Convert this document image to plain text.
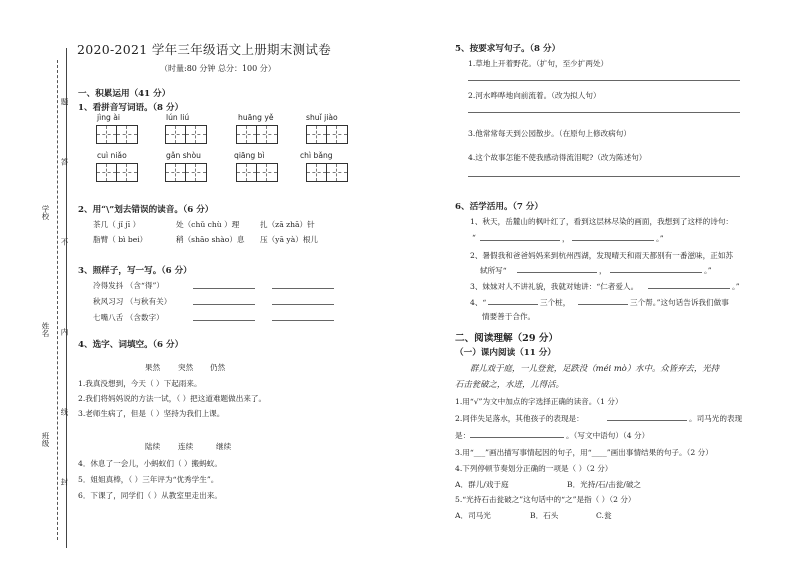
学校
姓名
班级
题
答
不
内
线
封
2020-2021 学年三年级语文上册期末测试卷
（时量:80 分钟 总分：100 分）
一、积累运用（41 分）
1、看拼音写词语。（8 分）
jìng ài	lún liú	huāng yě	shuǐ jiào
cuì niǎo	gǎn shòu	qiāng bì	chì bǎng
2、用“\”划去错误的读音。（6 分）
茶几（ jǐ jī ）	处（chǔ chù ）理	扎（zā zhā）针
脂臂（ bì bei）	稍（shāo shào）息 压（yā yà）根儿
3、照样子，写一写。（6 分）
冷得发抖 （含“得”）
秋风习习 （与秋有关）
七嘴八舌 （含数字）
4、选字、词填空。（6 分）
果然 突然 仍然
1.我真没想到，今天（ ）下起雨来。
2.我们将妈妈说的方法一试，（ ）把这道难题做出来了。
3.老师生病了，但是（ ）坚持为我们上课。
陆续 连续	继续
4．休息了一会儿，小蚂蚁们（ ）搬蚂蚁。
5．姐姐真棒，（ ）三年评为“优秀学生”。
6．下课了，同学们（ ）从教室里走出来。
5、按要求写句子。（8 分）
1.草地上开着野花。（扩句，至少扩两处）
2.河水哗哗地向前流着。（改为拟人句）
3.他常常每天到公园散步。（在原句上修改病句）
4.这个故事怎能不使我感动得流泪呢?（改为陈述句）
6、活学活用。（7 分）
1、秋天，岳麓山的枫叶红了，看到这层林尽染的画面，我想到了这样的诗句：
“	，	。”
2、暑假我和爸爸妈妈来到杭州西湖，发现晴天和雨天都别有一番滋味，正如苏
轼所写“	，	。”
3、妹妹对人不讲礼貌，我就对她讲：“仁者爱人。	。”
4、“	三个桩，	三个帮。”这句话告诉我们做事
情要善于合作。
二、阅读理解（29 分）
（一）课内阅读（11 分）
群儿戏于庭，一儿登瓮，足跌没（méi mò）水中。众皆弃去，光持
石击瓮破之，水迸，儿得活。
1.用“√”为文中加点的字选择正确的读音。（1 分）
2.同伴失足落水，其他孩子的表现是：	。司马光的表现
是：	。（写文中语句）（4 分）
3.用“___”画出描写事情起因的句子，用“____”画出事情结果的句子。（2 分）
4.下列停顿节奏划分正确的一项是（ ）（2 分）
A．群儿/戏于庭	B．光持/石/击瓮/破之
5.“光持石击瓮破之”这句话中的“之”是指（ ）（2 分）
A．司马光	B．石头	C.瓮
